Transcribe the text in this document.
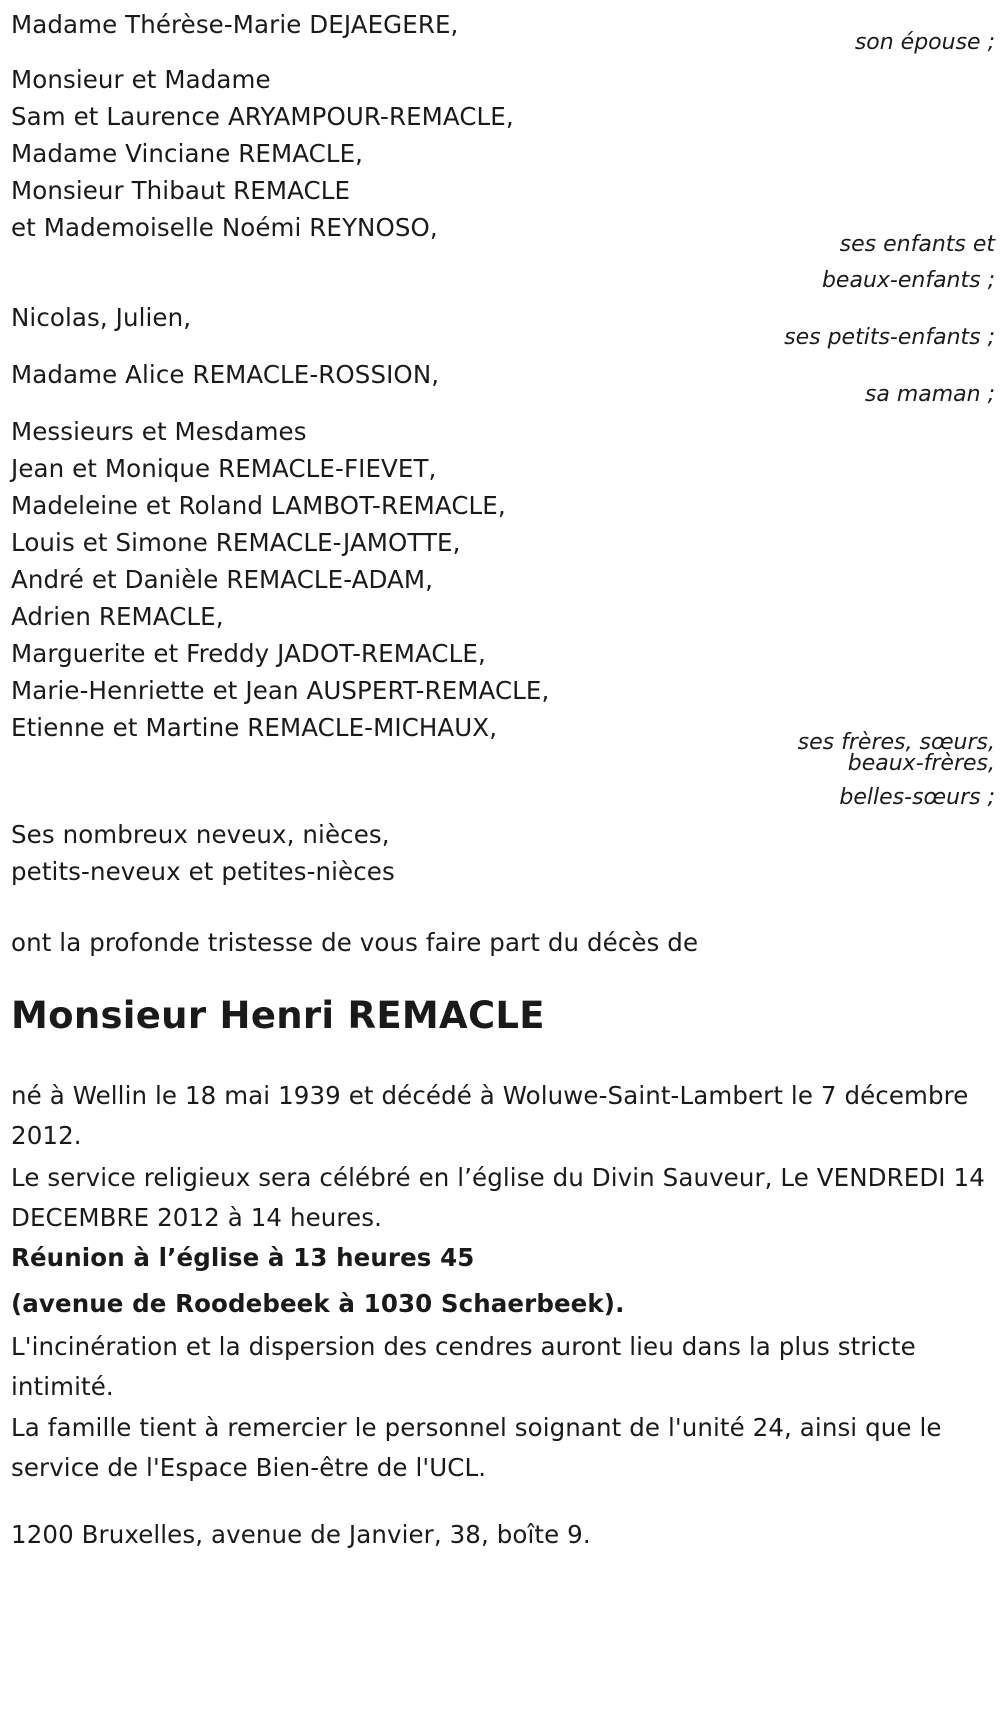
Madame Thérèse-Marie DEJAEGERE,
son épouse ;
Monsieur et Madame
Sam et Laurence ARYAMPOUR-REMACLE,
Madame Vinciane REMACLE,
Monsieur Thibaut REMACLE
et Mademoiselle Noémi REYNOSO,
ses enfants et
beaux-enfants ;
Nicolas, Julien,
ses petits-enfants ;
Madame Alice REMACLE-ROSSION,
sa maman ;
Messieurs et Mesdames
Jean et Monique REMACLE-FIEVET,
Madeleine et Roland LAMBOT-REMACLE,
Louis et Simone REMACLE-JAMOTTE,
André et Danièle REMACLE-ADAM,
Adrien REMACLE,
Marguerite et Freddy JADOT-REMACLE,
Marie-Henriette et Jean AUSPERT-REMACLE,
Etienne et Martine REMACLE-MICHAUX,
ses frères, sœurs,
beaux-frères,
belles-sœurs ;
Ses nombreux neveux, nièces,
petits-neveux et petites-nièces
ont la profonde tristesse de vous faire part du décès de
Monsieur Henri REMACLE
né à Wellin le 18 mai 1939 et décédé à Woluwe-Saint-Lambert le 7 décembre 2012.
Le service religieux sera célébré en l’église du Divin Sauveur, Le VENDREDI 14 DECEMBRE 2012 à 14 heures.
Réunion à l’église à 13 heures 45
(avenue de Roodebeek à 1030 Schaerbeek).
L'incinération et la dispersion des cendres auront lieu dans la plus stricte intimité.
La famille tient à remercier le personnel soignant de l'unité 24, ainsi que le service de l'Espace Bien-être de l'UCL.
1200 Bruxelles, avenue de Janvier, 38, boîte 9.
